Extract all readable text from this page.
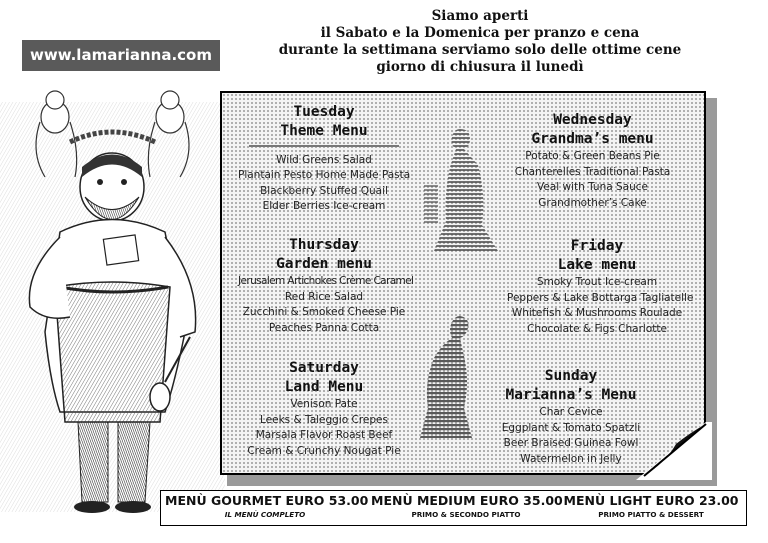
Siamo aperti
il Sabato e la Domenica per pranzo e cena
durante la settimana serviamo solo delle ottime cene
giorno di chiusura il lunedì
www.lamarianna.com
Tuesday
Theme Menu
Wild Greens Salad
Plantain Pesto Home Made Pasta
Blackberry Stuffed Quail
Elder Berries Ice-cream
Wednesday
Grandma’s menu
Potato & Green Beans Pie
Chanterelles Traditional Pasta
Veal with Tuna Sauce
Grandmother’s Cake
Thursday
Garden menu
Jerusalem Artichokes Crème Caramel
Red Rice Salad
Zucchini & Smoked Cheese Pie
Peaches Panna Cotta
Friday
Lake menu
Smoky Trout Ice-cream
Peppers & Lake Bottarga Tagliatelle
Whitefish & Mushrooms Roulade
Chocolate & Figs Charlotte
Saturday
Land Menu
Venison Pate
Leeks & Taleggio Crepes
Marsala Flavor Roast Beef
Cream & Crunchy Nougat Pie
Sunday
Marianna’s Menu
Char Cevice
Eggplant & Tomato Spatzli
Beer Braised Guinea Fowl
Watermelon in Jelly
MENÙ GOURMET EURO 53.00
IL MENÙ COMPLETO
MENÙ MEDIUM EURO 35.00
PRIMO & SECONDO PIATTO
MENÙ LIGHT EURO 23.00
PRIMO PIATTO & DESSERT
